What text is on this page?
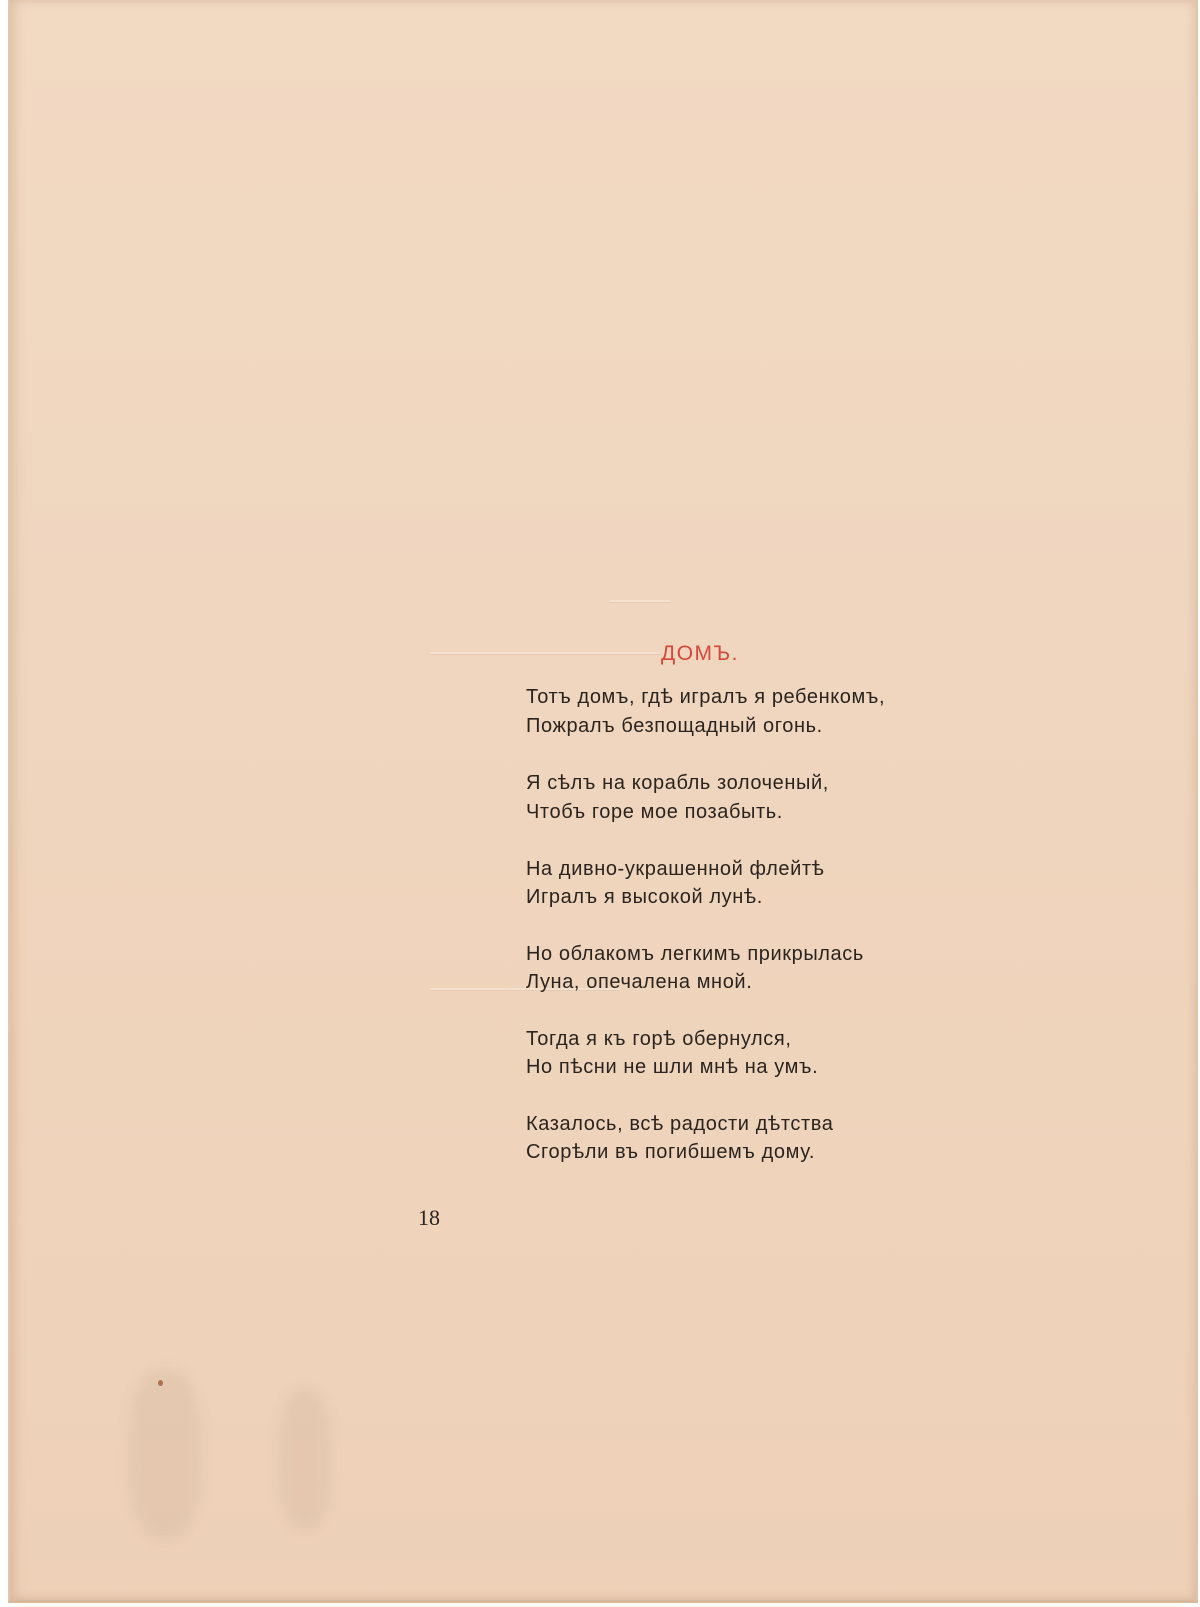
ДОМЪ.
Тотъ домъ, гдѣ игралъ я ребенкомъ,
Пожралъ безпощадный огонь.
Я сѣлъ на корабль золоченый,
Чтобъ горе мое позабыть.
На дивно-украшенной флейтѣ
Игралъ я высокой лунѣ.
Но облакомъ легкимъ прикрылась
Луна, опечалена мной.
Тогда я къ горѣ обернулся,
Но пѣсни не шли мнѣ на умъ.
Казалось, всѣ радости дѣтства
Сгорѣли въ погибшемъ дому.
18
